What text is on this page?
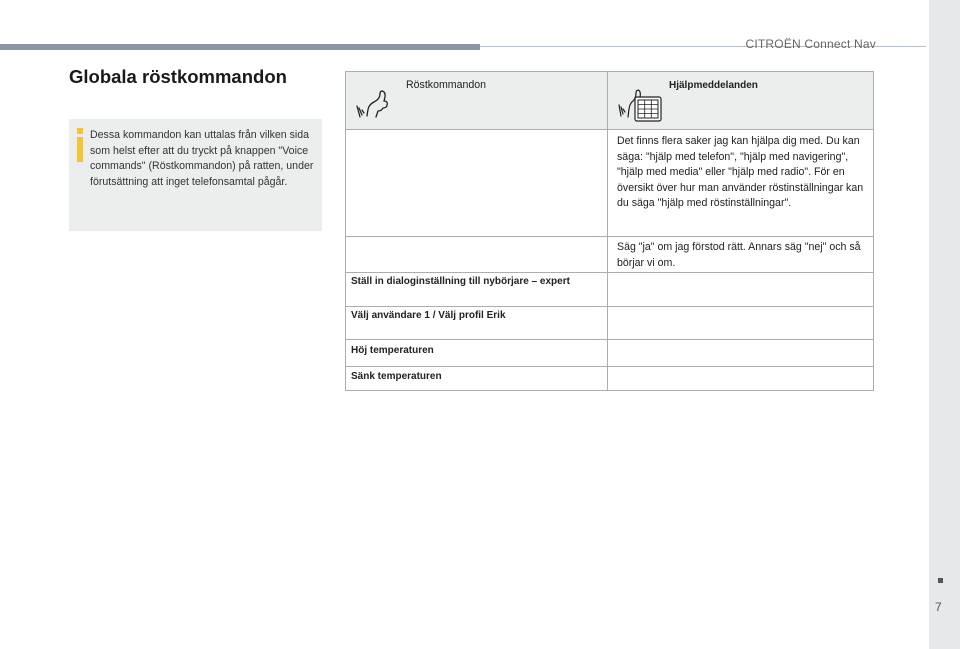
CITROËN Connect Nav
7
Globala röstkommandon
Dessa kommandon kan uttalas från vilken sida som helst efter att du tryckt på knappen "Voice commands" (Röstkommandon) på ratten, under förutsättning att inget telefonsamtal pågår.
Röstkommandon	Hjälpmeddelanden
Det finns flera saker jag kan hjälpa dig med. Du kan säga: "hjälp med telefon", "hjälp med navigering", "hjälp med media" eller "hjälp med radio". För en översikt över hur man använder röstinställningar kan du säga "hjälp med röstinställningar".
Säg "ja" om jag förstod rätt. Annars säg "nej" och så börjar vi om.
Ställ in dialoginställning till nybörjare – expert
Välj användare 1 / Välj profil Erik
Höj temperaturen
Sänk temperaturen
